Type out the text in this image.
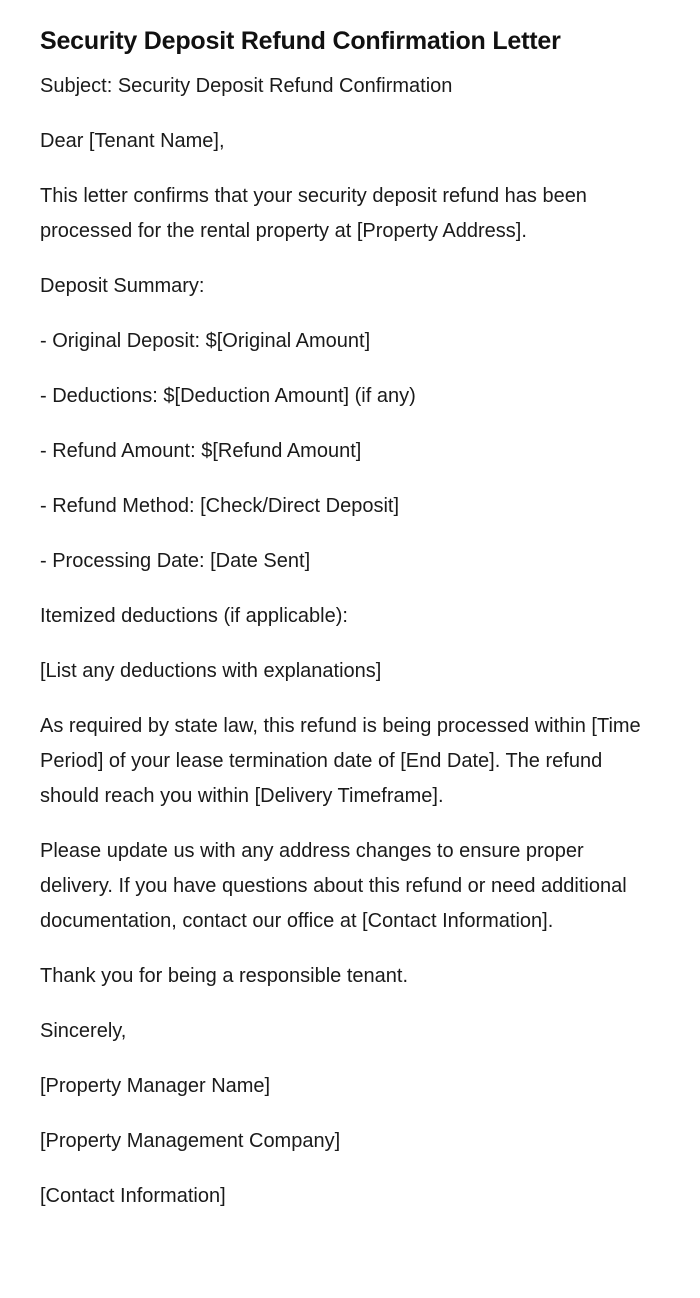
Security Deposit Refund Confirmation Letter

Subject: Security Deposit Refund Confirmation

Dear [Tenant Name],

This letter confirms that your security deposit refund has been processed for the rental property at [Property Address].

Deposit Summary:

- Original Deposit: $[Original Amount]

- Deductions: $[Deduction Amount] (if any)

- Refund Amount: $[Refund Amount]

- Refund Method: [Check/Direct Deposit]

- Processing Date: [Date Sent]

Itemized deductions (if applicable):

[List any deductions with explanations]

As required by state law, this refund is being processed within [Time Period] of your lease termination date of [End Date]. The refund should reach you within [Delivery Timeframe].

Please update us with any address changes to ensure proper delivery. If you have questions about this refund or need additional documentation, contact our office at [Contact Information].

Thank you for being a responsible tenant.

Sincerely,

[Property Manager Name]

[Property Management Company]

[Contact Information]
